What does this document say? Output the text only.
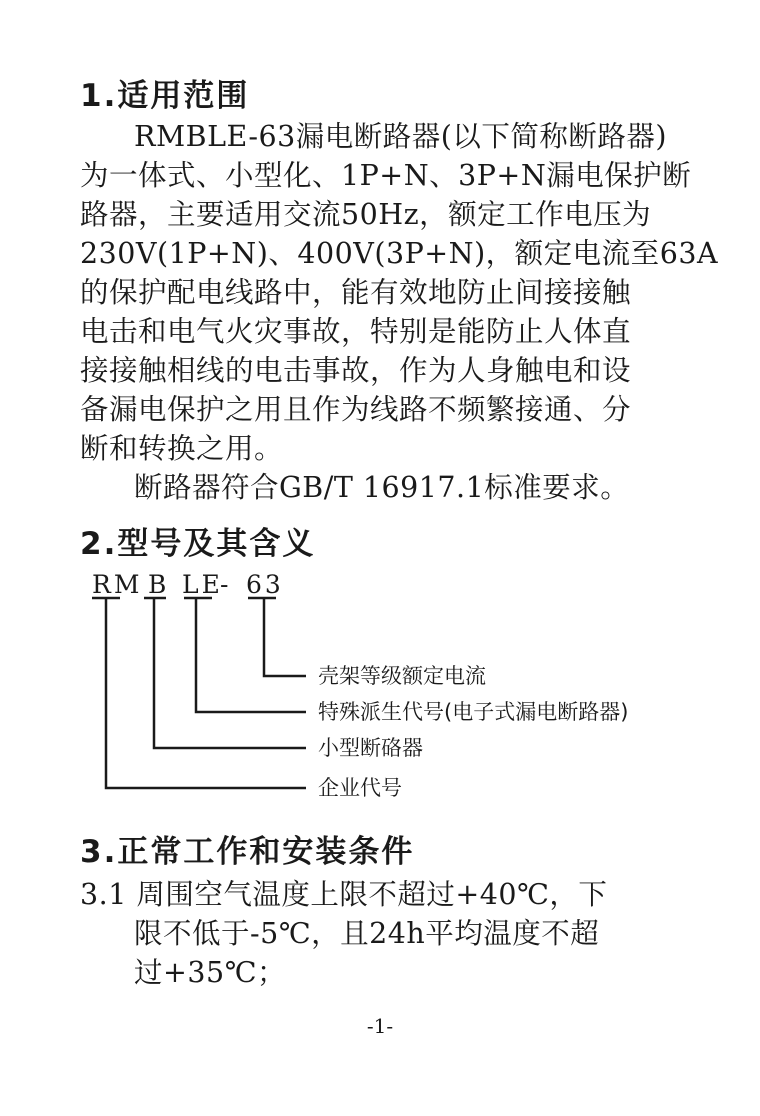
1.适用范围

RMBLE-63漏电断路器(以下简称断路器)

为一体式、小型化、1P+N、3P+N漏电保护断

路器，主要适用交流50Hz，额定工作电压为

230V(1P+N)、400V(3P+N)，额定电流至63A

的保护配电线路中，能有效地防止间接接触

电击和电气火灾事故，特别是能防止人体直

接接触相线的电击事故，作为人身触电和设

备漏电保护之用且作为线路不频繁接通、分

断和转换之用。

断路器符合GB/T 16917.1标准要求。

2.型号及其含义
RM B LE
- 63
壳架等级额定电流
特殊派生代号(电子式漏电断路器)
小型断硌器
企业代号
3.正常工作和安装条件

3.1 周围空气温度上限不超过+40℃，下

限不低于-5℃，且24h平均温度不超

过+35℃；

-1-
